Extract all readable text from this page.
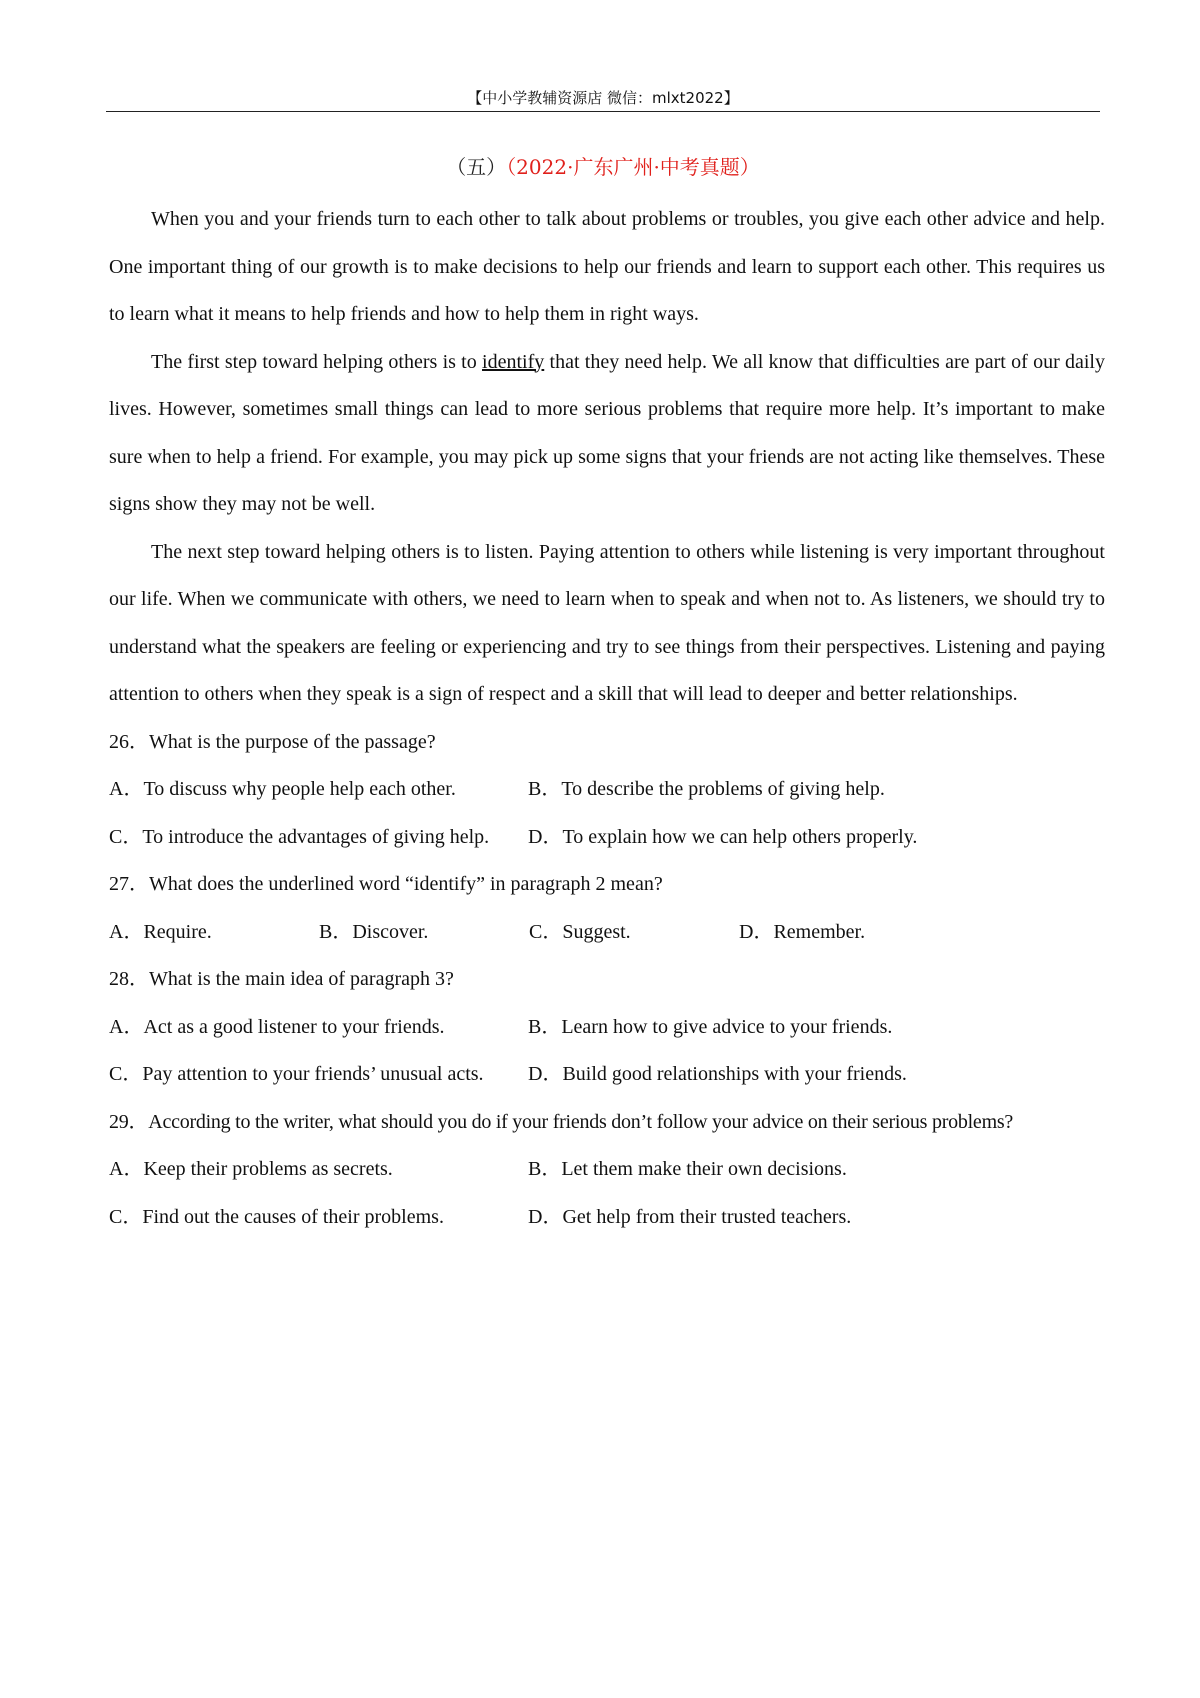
【中小学教辅资源店 微信：mlxt2022】
（五）（2022·广东广州·中考真题）

When you and your friends turn to each other to talk about problems or troubles, you give each other advice and help. One important thing of our growth is to make decisions to help our friends and learn to support each other. This requires us to learn what it means to help friends and how to help them in right ways.

The first step toward helping others is to identify that they need help. We all know that difficulties are part of our daily lives. However, sometimes small things can lead to more serious problems that require more help. It’s important to make sure when to help a friend. For example, you may pick up some signs that your friends are not acting like themselves. These signs show they may not be well.

The next step toward helping others is to listen. Paying attention to others while listening is very important throughout our life. When we communicate with others, we need to learn when to speak and when not to. As listeners, we should try to understand what the speakers are feeling or experiencing and try to see things from their perspectives. Listening and paying attention to others when they speak is a sign of respect and a skill that will lead to deeper and better relationships.

26．What is the purpose of the passage?

A．To discuss why people help each other.	B．To describe the problems of giving help.
C．To introduce the advantages of giving help.	D．To explain how we can help others properly.

27．What does the underlined word “identify” in paragraph 2 mean?

A．Require.	B．Discover.	C．Suggest.	D．Remember.

28．What is the main idea of paragraph 3?

A．Act as a good listener to your friends.	B．Learn how to give advice to your friends.
C．Pay attention to your friends’ unusual acts.	D．Build good relationships with your friends.

29．According to the writer, what should you do if your friends don’t follow your advice on their serious problems?

A．Keep their problems as secrets.	B．Let them make their own decisions.
C．Find out the causes of their problems.	D．Get help from their trusted teachers.
